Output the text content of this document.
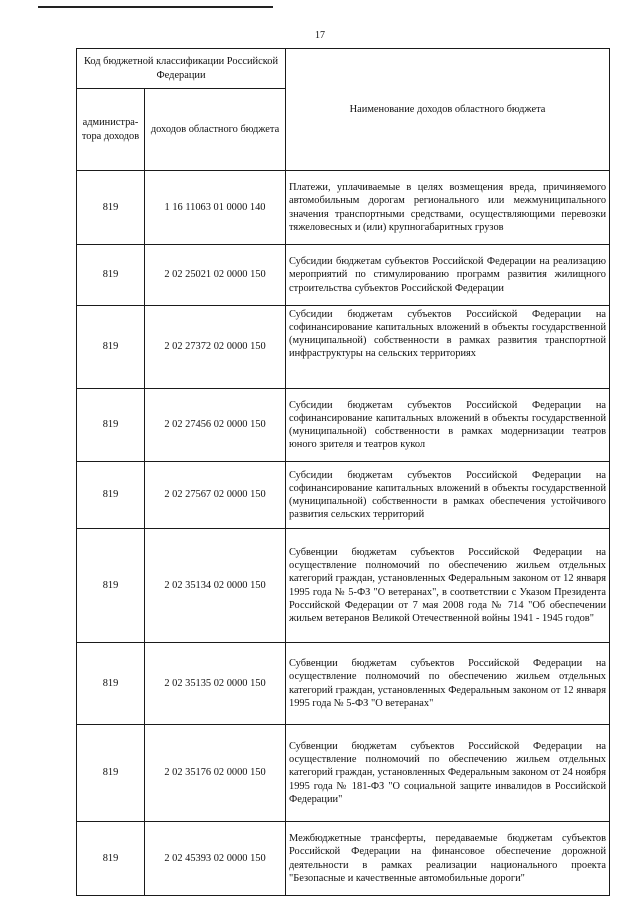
17
Код бюджетной классификации Российской Федерации		Наименование доходов областного бюджета
администра-тора доходов	доходов областного бюджета	
819	1 16 11063 01 0000 140	Платежи, уплачиваемые в целях возмещения вреда, причиняемого автомобильным дорогам регионального или межмуниципального значения транспортными средствами, осуществляющими перевозки тяжеловесных и (или) крупногабаритных грузов
819	2 02 25021 02 0000 150	Субсидии бюджетам субъектов Российской Федерации на реализацию мероприятий по стимулированию программ развития жилищного строительства субъектов Российской Федерации
819	2 02 27372 02 0000 150	Субсидии бюджетам субъектов Российской Федерации на софинансирование капитальных вложений в объекты государственной (муниципальной) собственности в рамках развития транспортной инфраструктуры на сельских территориях
819	2 02 27456 02 0000 150	Субсидии бюджетам субъектов Российской Федерации на софинансирование капитальных вложений в объекты государственной (муниципальной) собственности в рамках модернизации театров юного зрителя и театров кукол
819	2 02 27567 02 0000 150	Субсидии бюджетам субъектов Российской Федерации на софинансирование капитальных вложений в объекты государственной (муниципальной) собственности в рамках обеспечения устойчивого развития сельских территорий
819	2 02 35134 02 0000 150	Субвенции бюджетам субъектов Российской Федерации на осуществление полномочий по обеспечению жильем отдельных категорий граждан, установленных Федеральным законом от 12 января 1995 года № 5-ФЗ "О ветеранах", в соответствии с Указом Президента Российской Федерации от 7 мая 2008 года № 714 "Об обеспечении жильем ветеранов Великой Отечественной войны 1941 - 1945 годов"
819	2 02 35135 02 0000 150	Субвенции бюджетам субъектов Российской Федерации на осуществление полномочий по обеспечению жильем отдельных категорий граждан, установленных Федеральным законом от 12 января 1995 года № 5-ФЗ "О ветеранах"
819	2 02 35176 02 0000 150	Субвенции бюджетам субъектов Российской Федерации на осуществление полномочий по обеспечению жильем отдельных категорий граждан, установленных Федеральным законом от 24 ноября 1995 года № 181-ФЗ "О социальной защите инвалидов в Российской Федерации"
819	2 02 45393 02 0000 150	Межбюджетные трансферты, передаваемые бюджетам субъектов Российской Федерации на финансовое обеспечение дорожной деятельности в рамках реализации национального проекта "Безопасные и качественные автомобильные дороги"
